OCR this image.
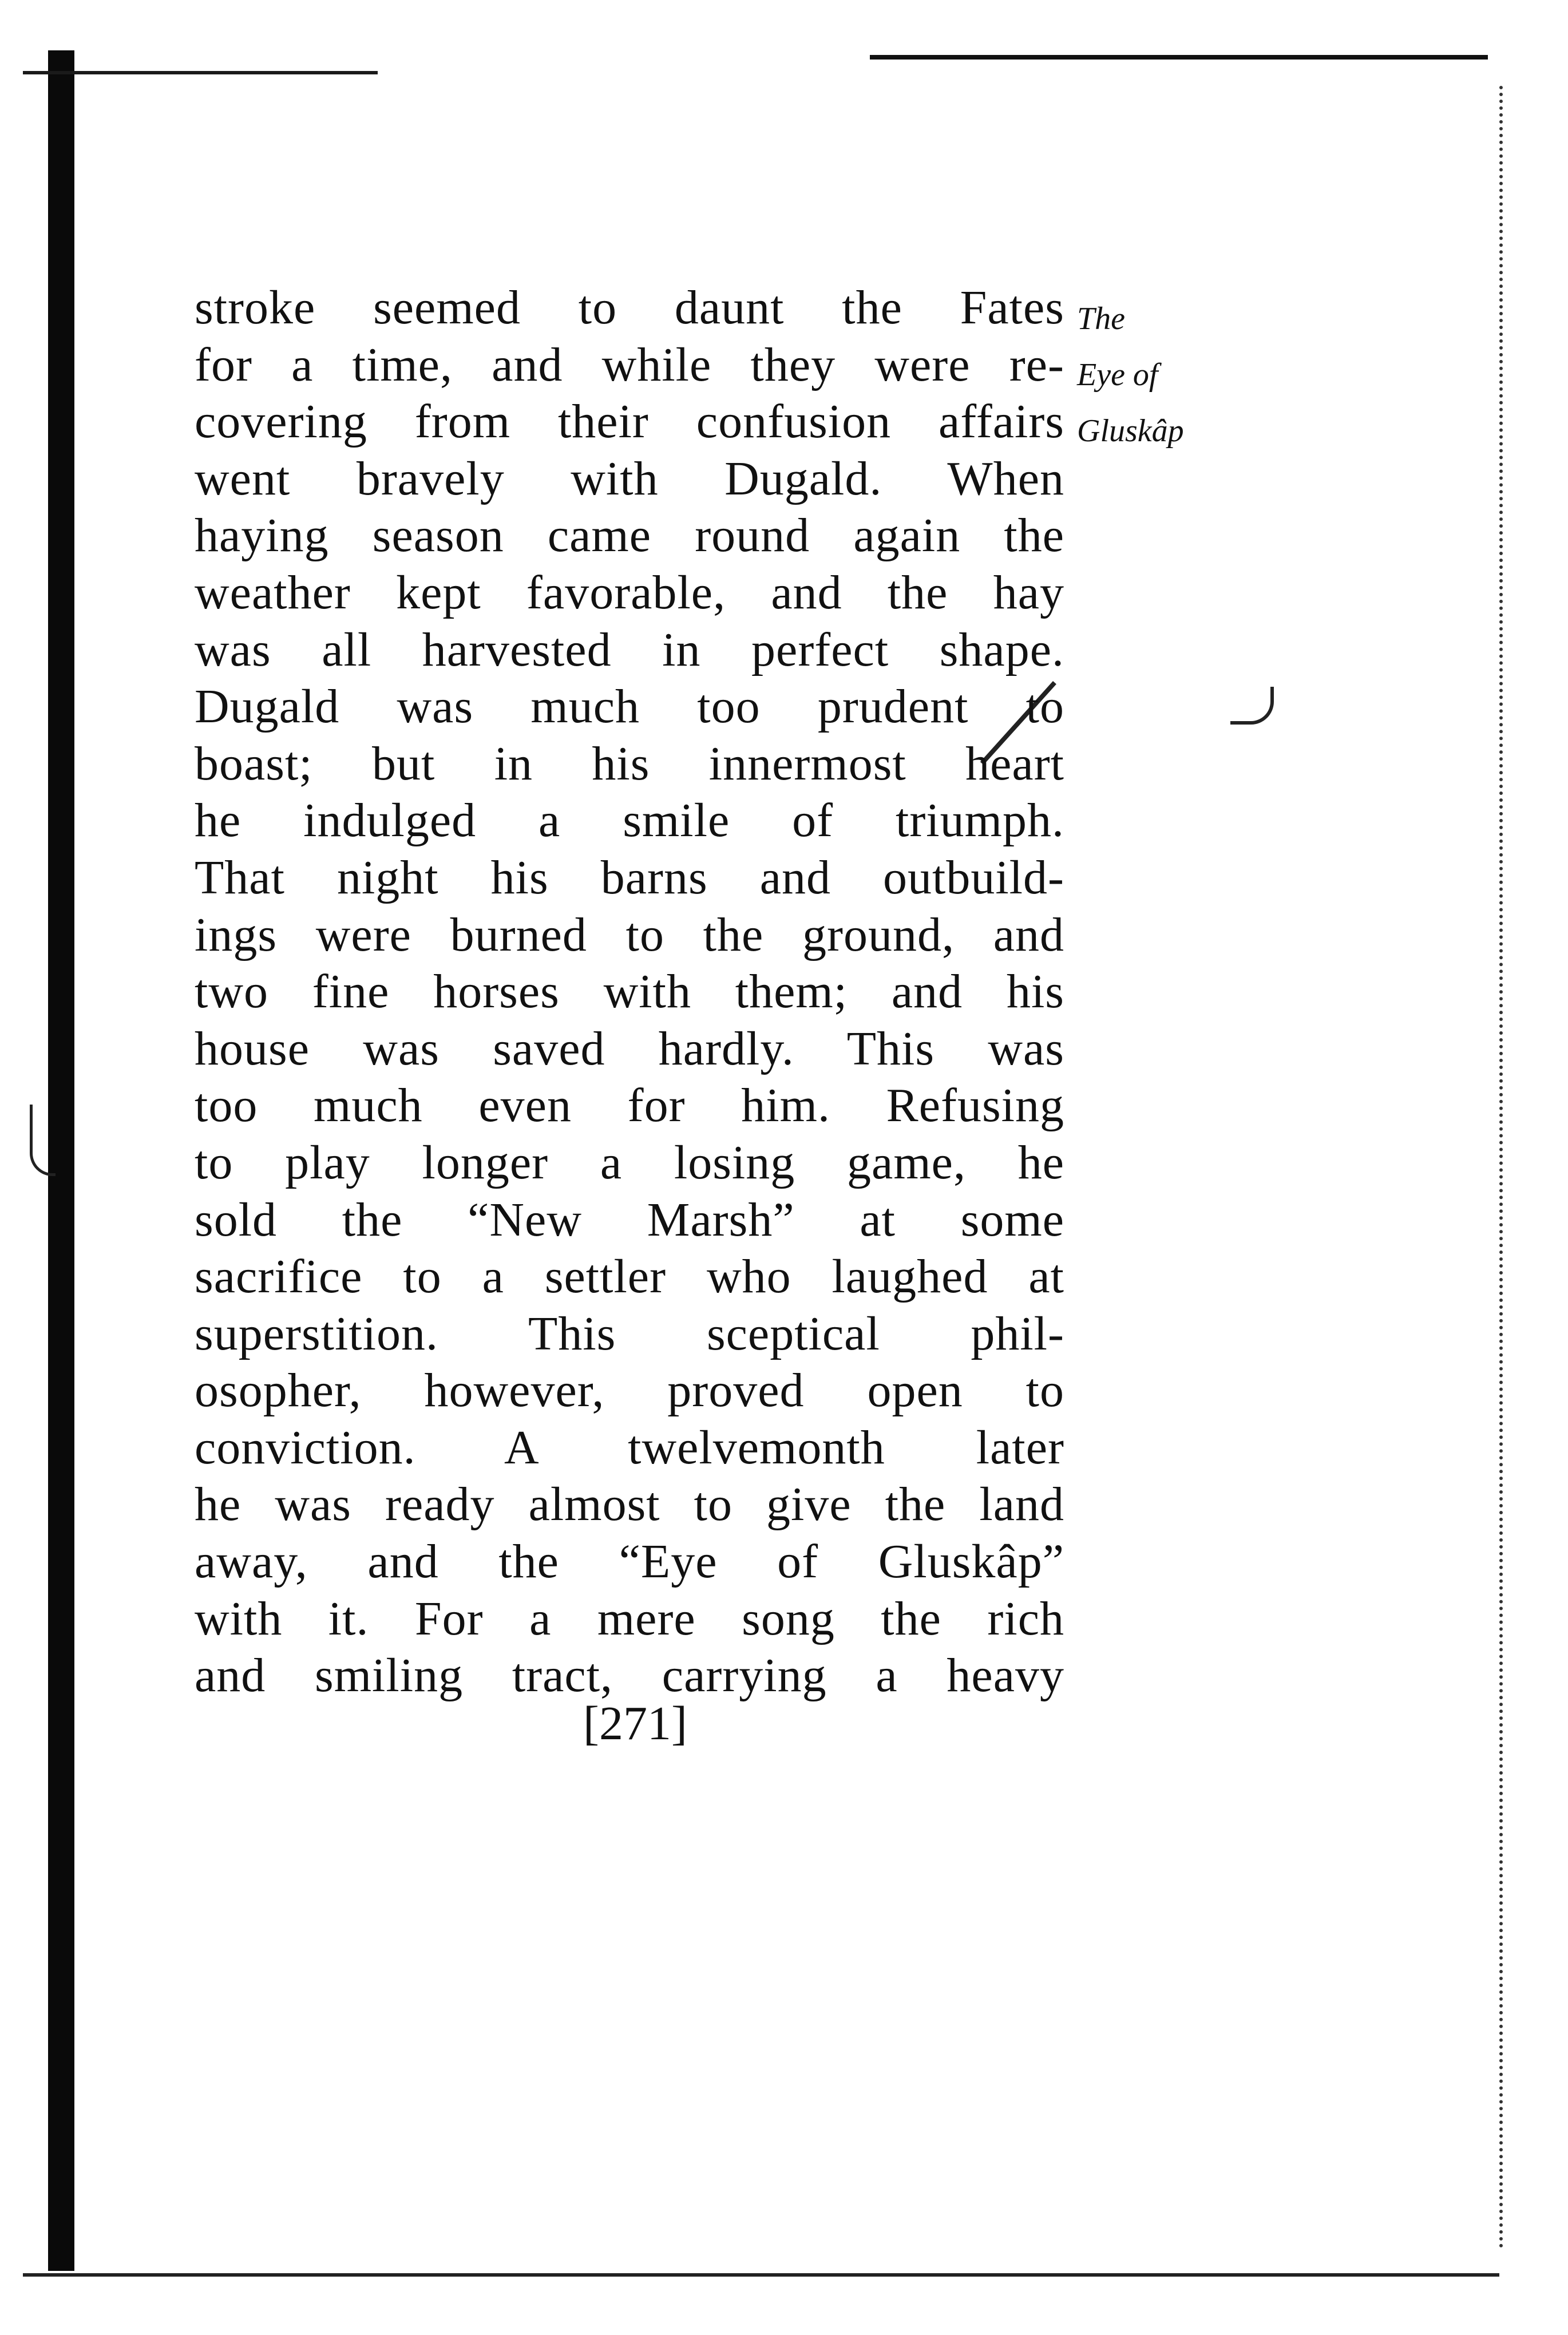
stroke seemed to daunt the Fates
for a time, and while they were re-
covering from their confusion affairs
went bravely with Dugald. When
haying season came round again the
weather kept favorable, and the hay
was all harvested in perfect shape.
Dugald was much too prudent to
boast; but in his innermost heart
he indulged a smile of triumph.
That night his barns and outbuild-
ings were burned to the ground, and
two fine horses with them; and his
house was saved hardly. This was
too much even for him. Refusing
to play longer a losing game, he
sold the “New Marsh” at some
sacrifice to a settler who laughed at
superstition. This sceptical phil-
osopher, however, proved open to
conviction. A twelvemonth later
he was ready almost to give the land
away, and the “Eye of Gluskâp”
with it. For a mere song the rich
and smiling tract, carrying a heavy
The
Eye of
Gluskâp
[271]
